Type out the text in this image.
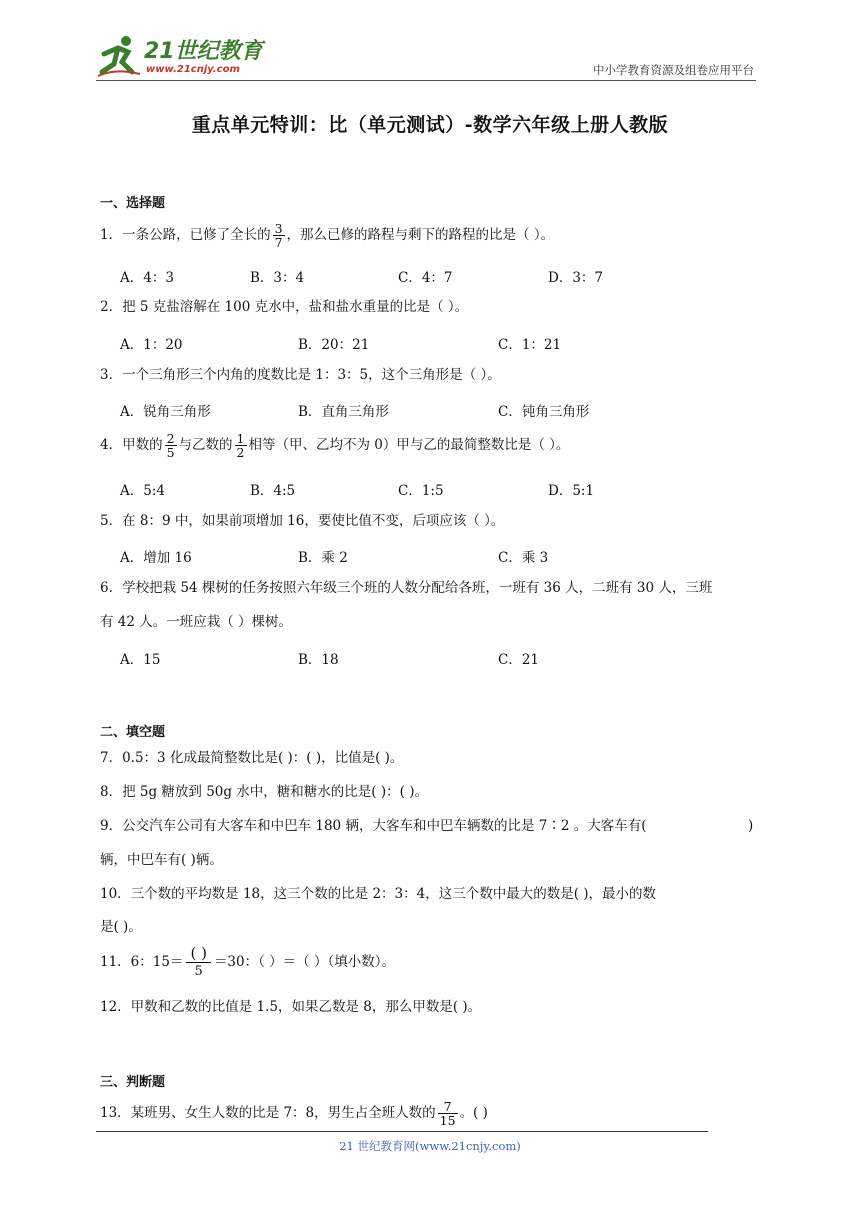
21世纪教育
www.21cnjy.com	中小学教育资源及组卷应用平台
重点单元特训：比（单元测试）-数学六年级上册人教版
一、选择题
1．一条公路，已修了全长的 $\frac{3}{7}$ ，那么已修的路程与剩下的路程的比是（ ）。
A．4：3	B．3：4	C．4：7	D．3：7
2．把 5 克盐溶解在 100 克水中，盐和盐水重量的比是（ ）。
A．1：20	B．20：21	C．1：21
3．一个三角形三个内角的度数比是 1：3：5，这个三角形是（ ）。
A．锐角三角形	B．直角三角形	C．钝角三角形
4．甲数的 $\frac{2}{5}$ 与乙数的 $\frac{1}{2}$ 相等（甲、乙均不为 0）甲与乙的最简整数比是（ ）。
A．5:4	B．4:5	C．1:5	D．5:1
5．在 8：9 中，如果前项增加 16，要使比值不变，后项应该（ ）。
A．增加 16	B．乘 2	C．乘 3
6．学校把栽 54 棵树的任务按照六年级三个班的人数分配给各班，一班有 36 人，二班有 30 人，三班
有 42 人。一班应栽（ ）棵树。
A．15	B．18	C．21
二、填空题
7．0.5：3 化成最简整数比是( )：( )，比值是( )。
8．把 5g 糖放到 50g 水中，糖和糖水的比是( )：( )。
9．公交汽车公司有大客车和中巴车 180 辆，大客车和中巴车辆数的比是 7∶2 。大客车有(	)
辆，中巴车有( )辆。
10．三个数的平均数是 18，这三个数的比是 2：3：4，这三个数中最大的数是( )，最小的数
是( )。
11．6：$15= \frac{( )}{5} =30$：（ ）＝（ ）（填小数）。
12．甲数和乙数的比值是 1.5，如果乙数是 8，那么甲数是( )。
三、判断题
13．某班男、女生人数的比是 7：8，男生占全班人数的 $\frac{7}{15}$ 。( )
21 世纪教育网(www.21cnjy.com)
